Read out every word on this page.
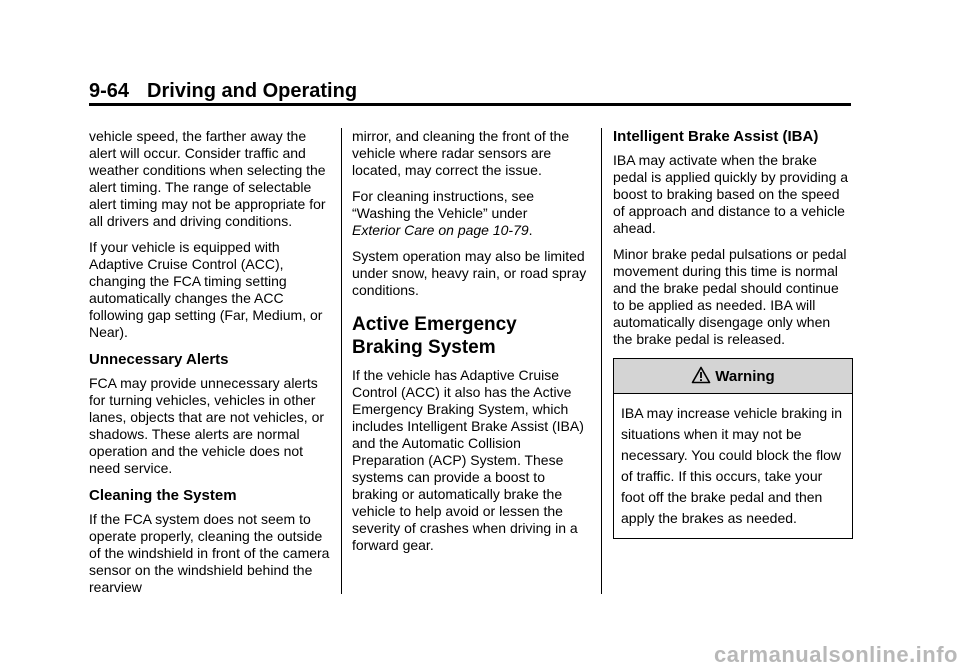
9-64 Driving and Operating

vehicle speed, the farther away the alert will occur. Consider traffic and weather conditions when selecting the alert timing. The range of selectable alert timing may not be appropriate for all drivers and driving conditions.

If your vehicle is equipped with Adaptive Cruise Control (ACC), changing the FCA timing setting automatically changes the ACC following gap setting (Far, Medium, or Near).

Unnecessary Alerts

FCA may provide unnecessary alerts for turning vehicles, vehicles in other lanes, objects that are not vehicles, or shadows. These alerts are normal operation and the vehicle does not need service.

Cleaning the System

If the FCA system does not seem to operate properly, cleaning the outside of the windshield in front of the camera sensor on the windshield behind the rearview

mirror, and cleaning the front of the vehicle where radar sensors are located, may correct the issue.

For cleaning instructions, see “Washing the Vehicle” under
Exterior Care on page 10-79.

System operation may also be limited under snow, heavy rain, or road spray conditions.

Active Emergency Braking System

If the vehicle has Adaptive Cruise Control (ACC) it also has the Active Emergency Braking System, which includes Intelligent Brake Assist (IBA) and the Automatic Collision Preparation (ACP) System. These systems can provide a boost to braking or automatically brake the vehicle to help avoid or lessen the severity of crashes when driving in a forward gear.

Intelligent Brake Assist (IBA)

IBA may activate when the brake pedal is applied quickly by providing a boost to braking based on the speed of approach and distance to a vehicle ahead.

Minor brake pedal pulsations or pedal movement during this time is normal and the brake pedal should continue to be applied as needed. IBA will automatically disengage only when the brake pedal is released.

Warning
IBA may increase vehicle braking in situations when it may not be necessary. You could block the flow of traffic. If this occurs, take your foot off the brake pedal and then apply the brakes as needed.
carmanualsonline.info
